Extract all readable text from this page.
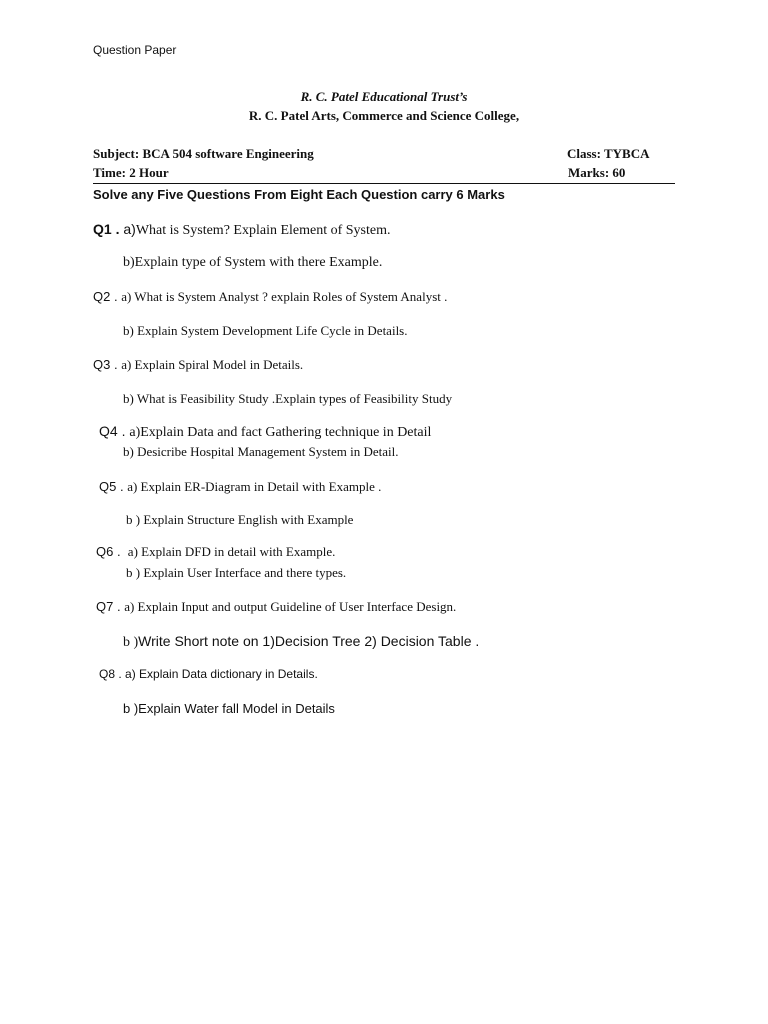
Question Paper
R. C. Patel Educational Trust’s
R. C. Patel Arts, Commerce and Science College,
Subject: BCA 504 software Engineering	Class: TYBCA
Time: 2 Hour	Marks: 60
Solve any Five Questions From Eight Each Question carry 6 Marks
Q1 . a)What is System? Explain Element of System.
b)Explain type of System with there Example.
Q2 . a) What is System Analyst ? explain Roles of System Analyst .
b) Explain System Development Life Cycle in Details.
Q3 . a) Explain Spiral Model in Details.
b) What is Feasibility Study .Explain types of Feasibility Study
Q4 . a)Explain Data and fact Gathering technique in Detail
b) Desicribe Hospital Management System in Detail.
Q5 . a) Explain ER-Diagram in Detail with Example .
b ) Explain Structure English with Example
Q6 .  a) Explain DFD in detail with Example.
b ) Explain User Interface and there types.
Q7 . a) Explain Input and output Guideline of User Interface Design.
b )Write Short note on 1)Decision Tree 2) Decision Table .
Q8 . a) Explain Data dictionary in Details.
b )Explain Water fall Model in Details
